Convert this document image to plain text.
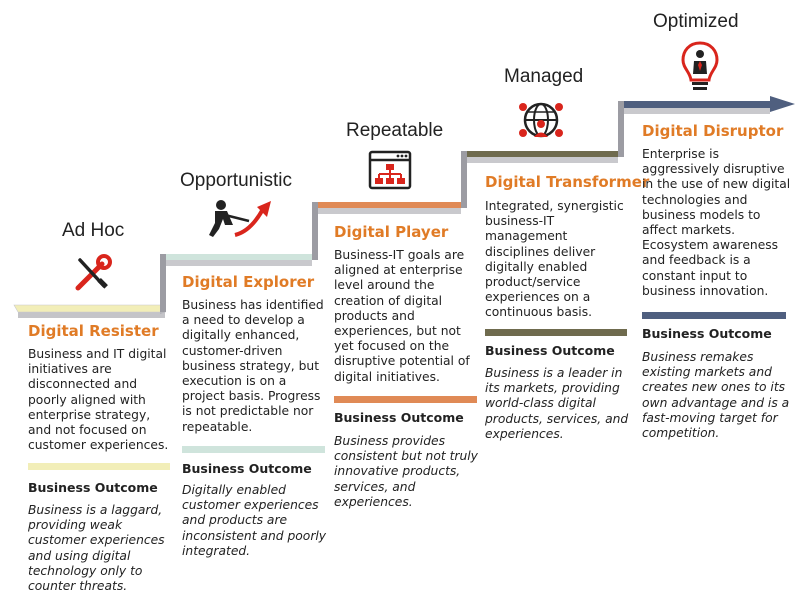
Ad Hoc
Opportunistic
Repeatable
Managed
Optimized
Digital Resister
Business and IT digital initiatives are disconnected and poorly aligned with enterprise strategy, and not focused on customer experiences.
Business Outcome
Business is a laggard, providing weak customer experiences and using digital technology only to counter threats.
Digital Explorer
Business has identified a need to develop a digitally enhanced, customer-driven business strategy, but execution is on a project basis. Progress is not predictable nor repeatable.
Business Outcome
Digitally enabled customer experiences and products are inconsistent and poorly integrated.
Digital Player
Business-IT goals are aligned at enterprise level around the creation of digital products and experiences, but not yet focused on the disruptive potential of digital initiatives.
Business Outcome
Business provides consistent but not truly innovative products, services, and experiences.
Digital Transformer
Integrated, synergistic business-IT management disciplines deliver digitally enabled product/service experiences on a continuous basis.
Business Outcome
Business is a leader in its markets, providing world-class digital products, services, and experiences.
Digital Disruptor
Enterprise is aggressively disruptive in the use of new digital technologies and business models to affect markets. Ecosystem awareness and feedback is a constant input to business innovation.
Business Outcome
Business remakes existing markets and creates new ones to its own advantage and is a fast-moving target for competition.
